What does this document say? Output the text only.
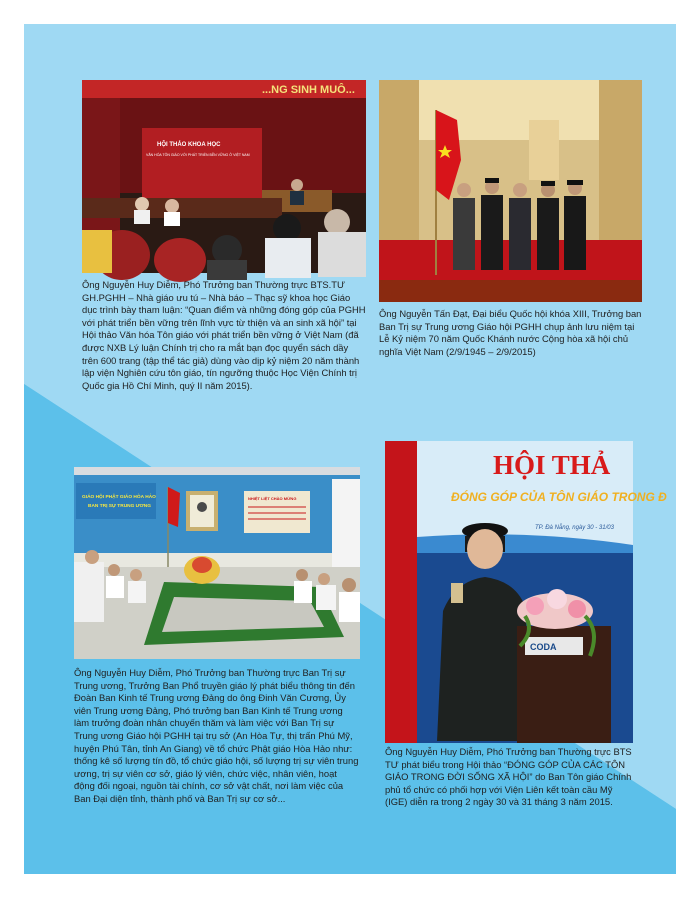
...NG SINH MUÔ...
HỘI THẢO KHOA HỌC
VĂN HÓA TÔN GIÁO VỚI PHÁT TRIỂN BỀN VỮNG Ở VIỆT NAM

Ông Nguyễn Huy Diễm, Phó Trưởng ban Thường trực BTS.TƯ GH.PGHH – Nhà giáo ưu tú – Nhà báo – Thạc sỹ khoa học Giáo dục trình bày tham luận: “Quan điểm và những đóng góp của PGHH với phát triển bền vững trên lĩnh vực từ thiện và an sinh xã hội” tại Hội thảo Văn hóa Tôn giáo với phát triển bền vững ở Việt Nam (đã được NXB Lý luận Chính trị cho ra mắt bạn đọc quyển sách dầy trên 600 trang (tập thể tác giả) dùng vào dịp kỷ niệm 20 năm thành lập viện Nghiên cứu tôn giáo, tín ngưỡng thuộc Học Viện Chính trị Quốc gia Hồ Chí Minh, quý II năm 2015).

Ông Nguyễn Tấn Đạt, Đại biểu Quốc hội khóa XIII, Trưởng ban Ban Trị sự Trung ương Giáo hội PGHH chụp ảnh lưu niệm tại Lễ Kỷ niệm 70 năm Quốc Khánh nước Cộng hòa xã hội chủ nghĩa Việt Nam (2/9/1945 – 2/9/2015)

GIÁO HỘI PHẬT GIÁO HÒA HẢO
BAN TRỊ SỰ TRUNG ƯƠNG
NHIỆT LIỆT CHÀO MỪNG

Ông Nguyễn Huy Diễm, Phó Trưởng ban Thường trực Ban Trị sự Trung ương, Trưởng Ban Phổ truyền giáo lý phát biểu thông tin đến Đoàn Ban Kinh tế Trung ương Đảng do ông Đinh Văn Cương, Ủy viên Trung ương Đảng, Phó trưởng ban Ban Kinh tế Trung ương làm trưởng đoàn nhân chuyến thăm và làm việc với Ban Trị sự Trung ương Giáo hội PGHH tại trụ sở (An Hòa Tự, thị trấn Phú Mỹ, huyện Phú Tân, tỉnh An Giang) về tổ chức Phật giáo Hòa Hảo như: thống kê số lượng tín đồ, tổ chức giáo hội, số lượng trị sự viên trung ương, trị sự viên cơ sở, giáo lý viên, chức việc, nhân viên, hoạt động đối ngoại, nguồn tài chính, cơ sở vật chất, nơi làm việc của Ban Đại diện tỉnh, thành phố và Ban Trị sự cơ sở...

HỘI THẢ
ĐÓNG GÓP CỦA TÔN GIÁO TRONG Đ
TP. Đà Nẵng, ngày 30 - 31/03
CODA

Ông Nguyễn Huy Diễm, Phó Trưởng ban Thường trực BTS TƯ phát biểu trong Hội thảo “ĐÓNG GÓP CỦA CÁC TÔN GIÁO TRONG ĐỜI SỐNG XÃ HỘI” do Ban Tôn giáo Chính phủ tổ chức có phối hợp với Viện Liên kết toàn cầu Mỹ (IGE) diễn ra trong 2 ngày 30 và 31 tháng 3 năm 2015.
